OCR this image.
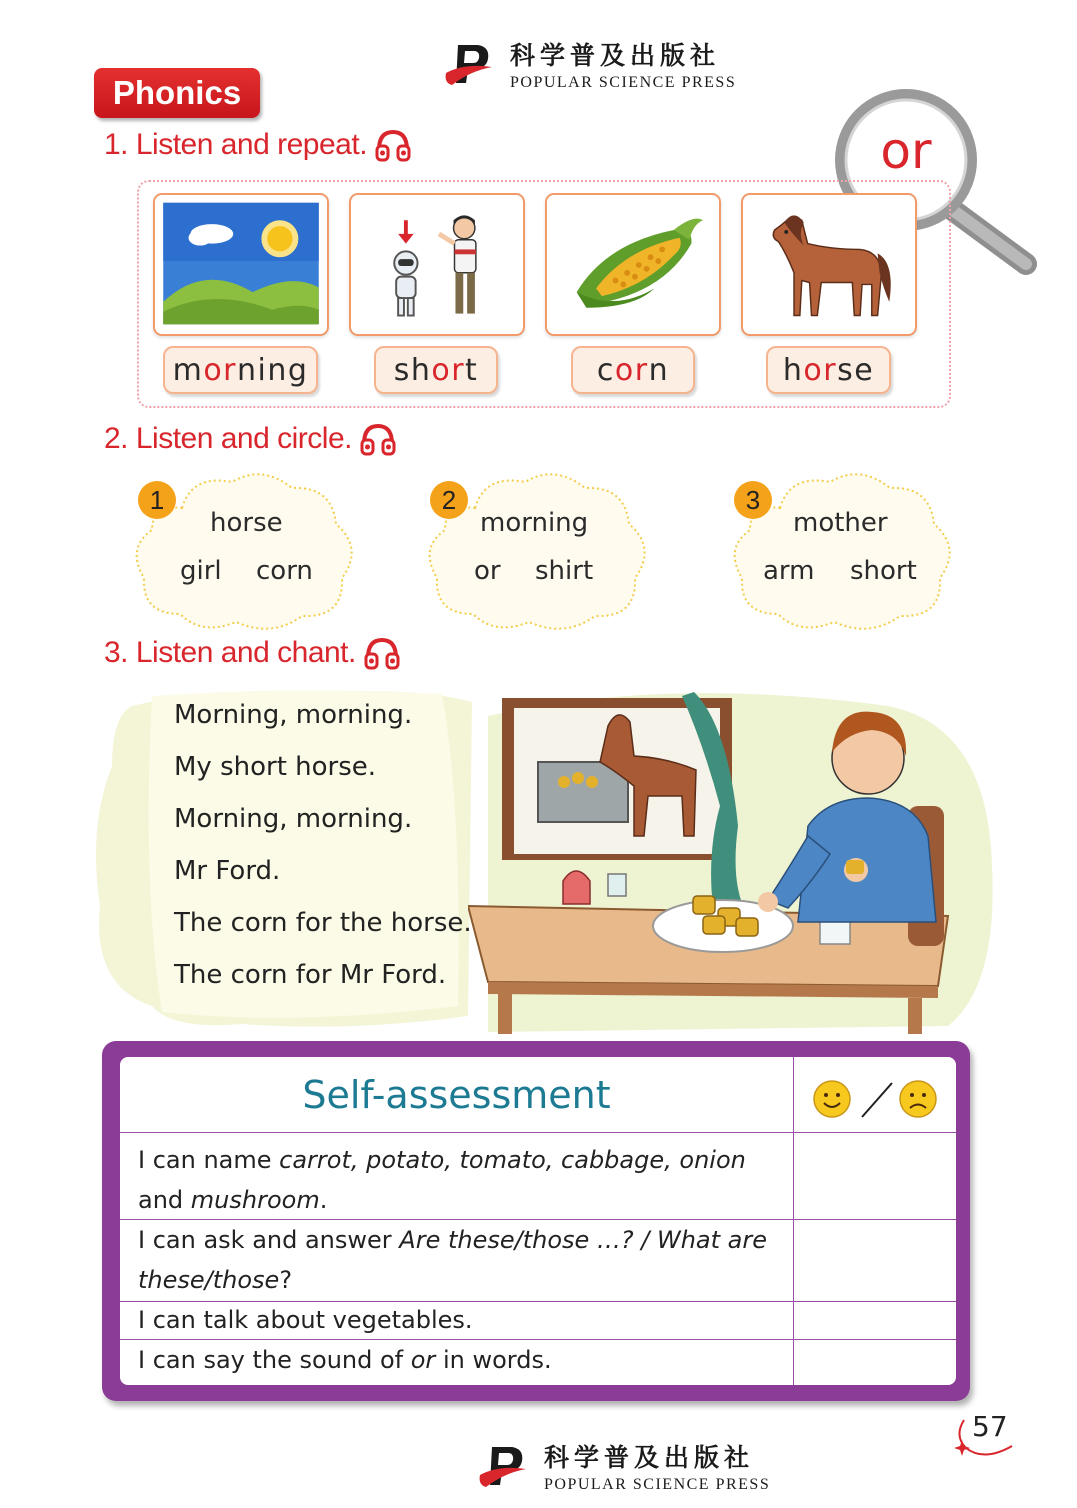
科学普及出版社
POPULAR SCIENCE PRESS
Phonics
or
1. Listen and repeat.
m or ning	sh or t	c or n	h or se
2. Listen and circle.
1
horse
girl corn
2
morning
or shirt
3
mother
arm short
3. Listen and chant.
Morning, morning.
My short horse.
Morning, morning.
Mr Ford.
The corn for the horse.
The corn for Mr Ford.
Self-assessment
I can name carrot, potato, tomato, cabbage, onion
and mushroom.
I can ask and answer Are these/those …? / What are
these/those?
I can talk about vegetables.
I can say the sound of or in words.
57
科学普及出版社
POPULAR SCIENCE PRESS
